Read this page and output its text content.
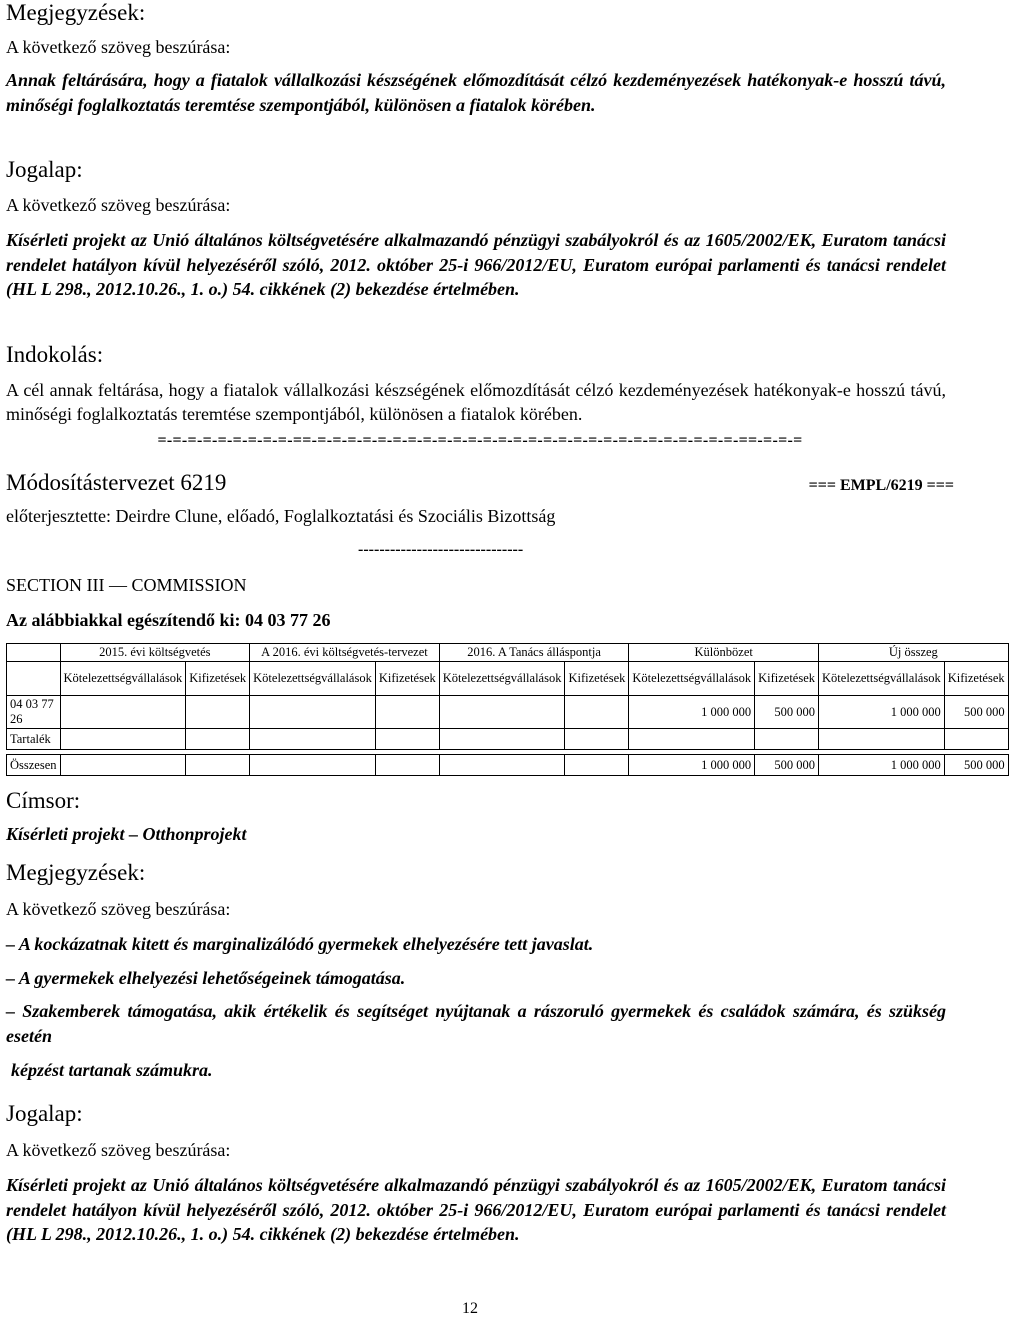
Megjegyzések:

A következő szöveg beszúrása:

Annak feltárására, hogy a fiatalok vállalkozási készségének előmozdítását célzó kezdeményezések hatékonyak-e hosszú távú, minőségi foglalkoztatás teremtése szempontjából, különösen a fiatalok körében.

Jogalap:

A következő szöveg beszúrása:

Kísérleti projekt az Unió általános költségvetésére alkalmazandó pénzügyi szabályokról és az 1605/2002/EK, Euratom tanácsi rendelet hatályon kívül helyezéséről szóló, 2012. október 25-i 966/2012/EU, Euratom európai parlamenti és tanácsi rendelet (HL L 298., 2012.10.26., 1. o.) 54. cikkének (2) bekezdése értelmében.

Indokolás:

A cél annak feltárása, hogy a fiatalok vállalkozási készségének előmozdítását célzó kezdeményezések hatékonyak-e hosszú távú, minőségi foglalkoztatás teremtése szempontjából, különösen a fiatalok körében.

=-=-=-=-=-=-=-=-=-==-=-=-=-=-=-=-=-=-=-=-=-=-=-=-=-=-=-=-=-=-=-=-=-=-=-=-=-=-==-=-=-=

Módosítástervezet 6219	=== EMPL/6219 ===
előterjesztette: Deirdre Clune, előadó, Foglalkoztatási és Szociális Bizottság
-------------------------------
SECTION III — COMMISSION
Az alábbiakkal egészítendő ki: 04 03 77 26
	2015. évi költségvetés		A 2016. évi költségvetés-tervezet		2016. A Tanács álláspontja		Különbözet		Új összeg	
	Kötelezettségvállalások	Kifizetések	Kötelezettségvállalások	Kifizetések	Kötelezettségvállalások	Kifizetések	Kötelezettségvállalások	Kifizetések	Kötelezettségvállalások	Kifizetések
04 03 77 26							1 000 000	500 000	1 000 000	500 000
Tartalék										

Összesen							1 000 000	500 000	1 000 000	500 000

Címsor:

Kísérleti projekt – Otthonprojekt

Megjegyzések:

A következő szöveg beszúrása:

– A kockázatnak kitett és marginalizálódó gyermekek elhelyezésére tett javaslat.

– A gyermekek elhelyezési lehetőségeinek támogatása.

– Szakemberek támogatása, akik értékelik és segítséget nyújtanak a rászoruló gyermekek és családok számára, és szükség esetén

képzést tartanak számukra.

Jogalap:

A következő szöveg beszúrása:

Kísérleti projekt az Unió általános költségvetésére alkalmazandó pénzügyi szabályokról és az 1605/2002/EK, Euratom tanácsi rendelet hatályon kívül helyezéséről szóló, 2012. október 25-i 966/2012/EU, Euratom európai parlamenti és tanácsi rendelet (HL L 298., 2012.10.26., 1. o.) 54. cikkének (2) bekezdése értelmében.

12
